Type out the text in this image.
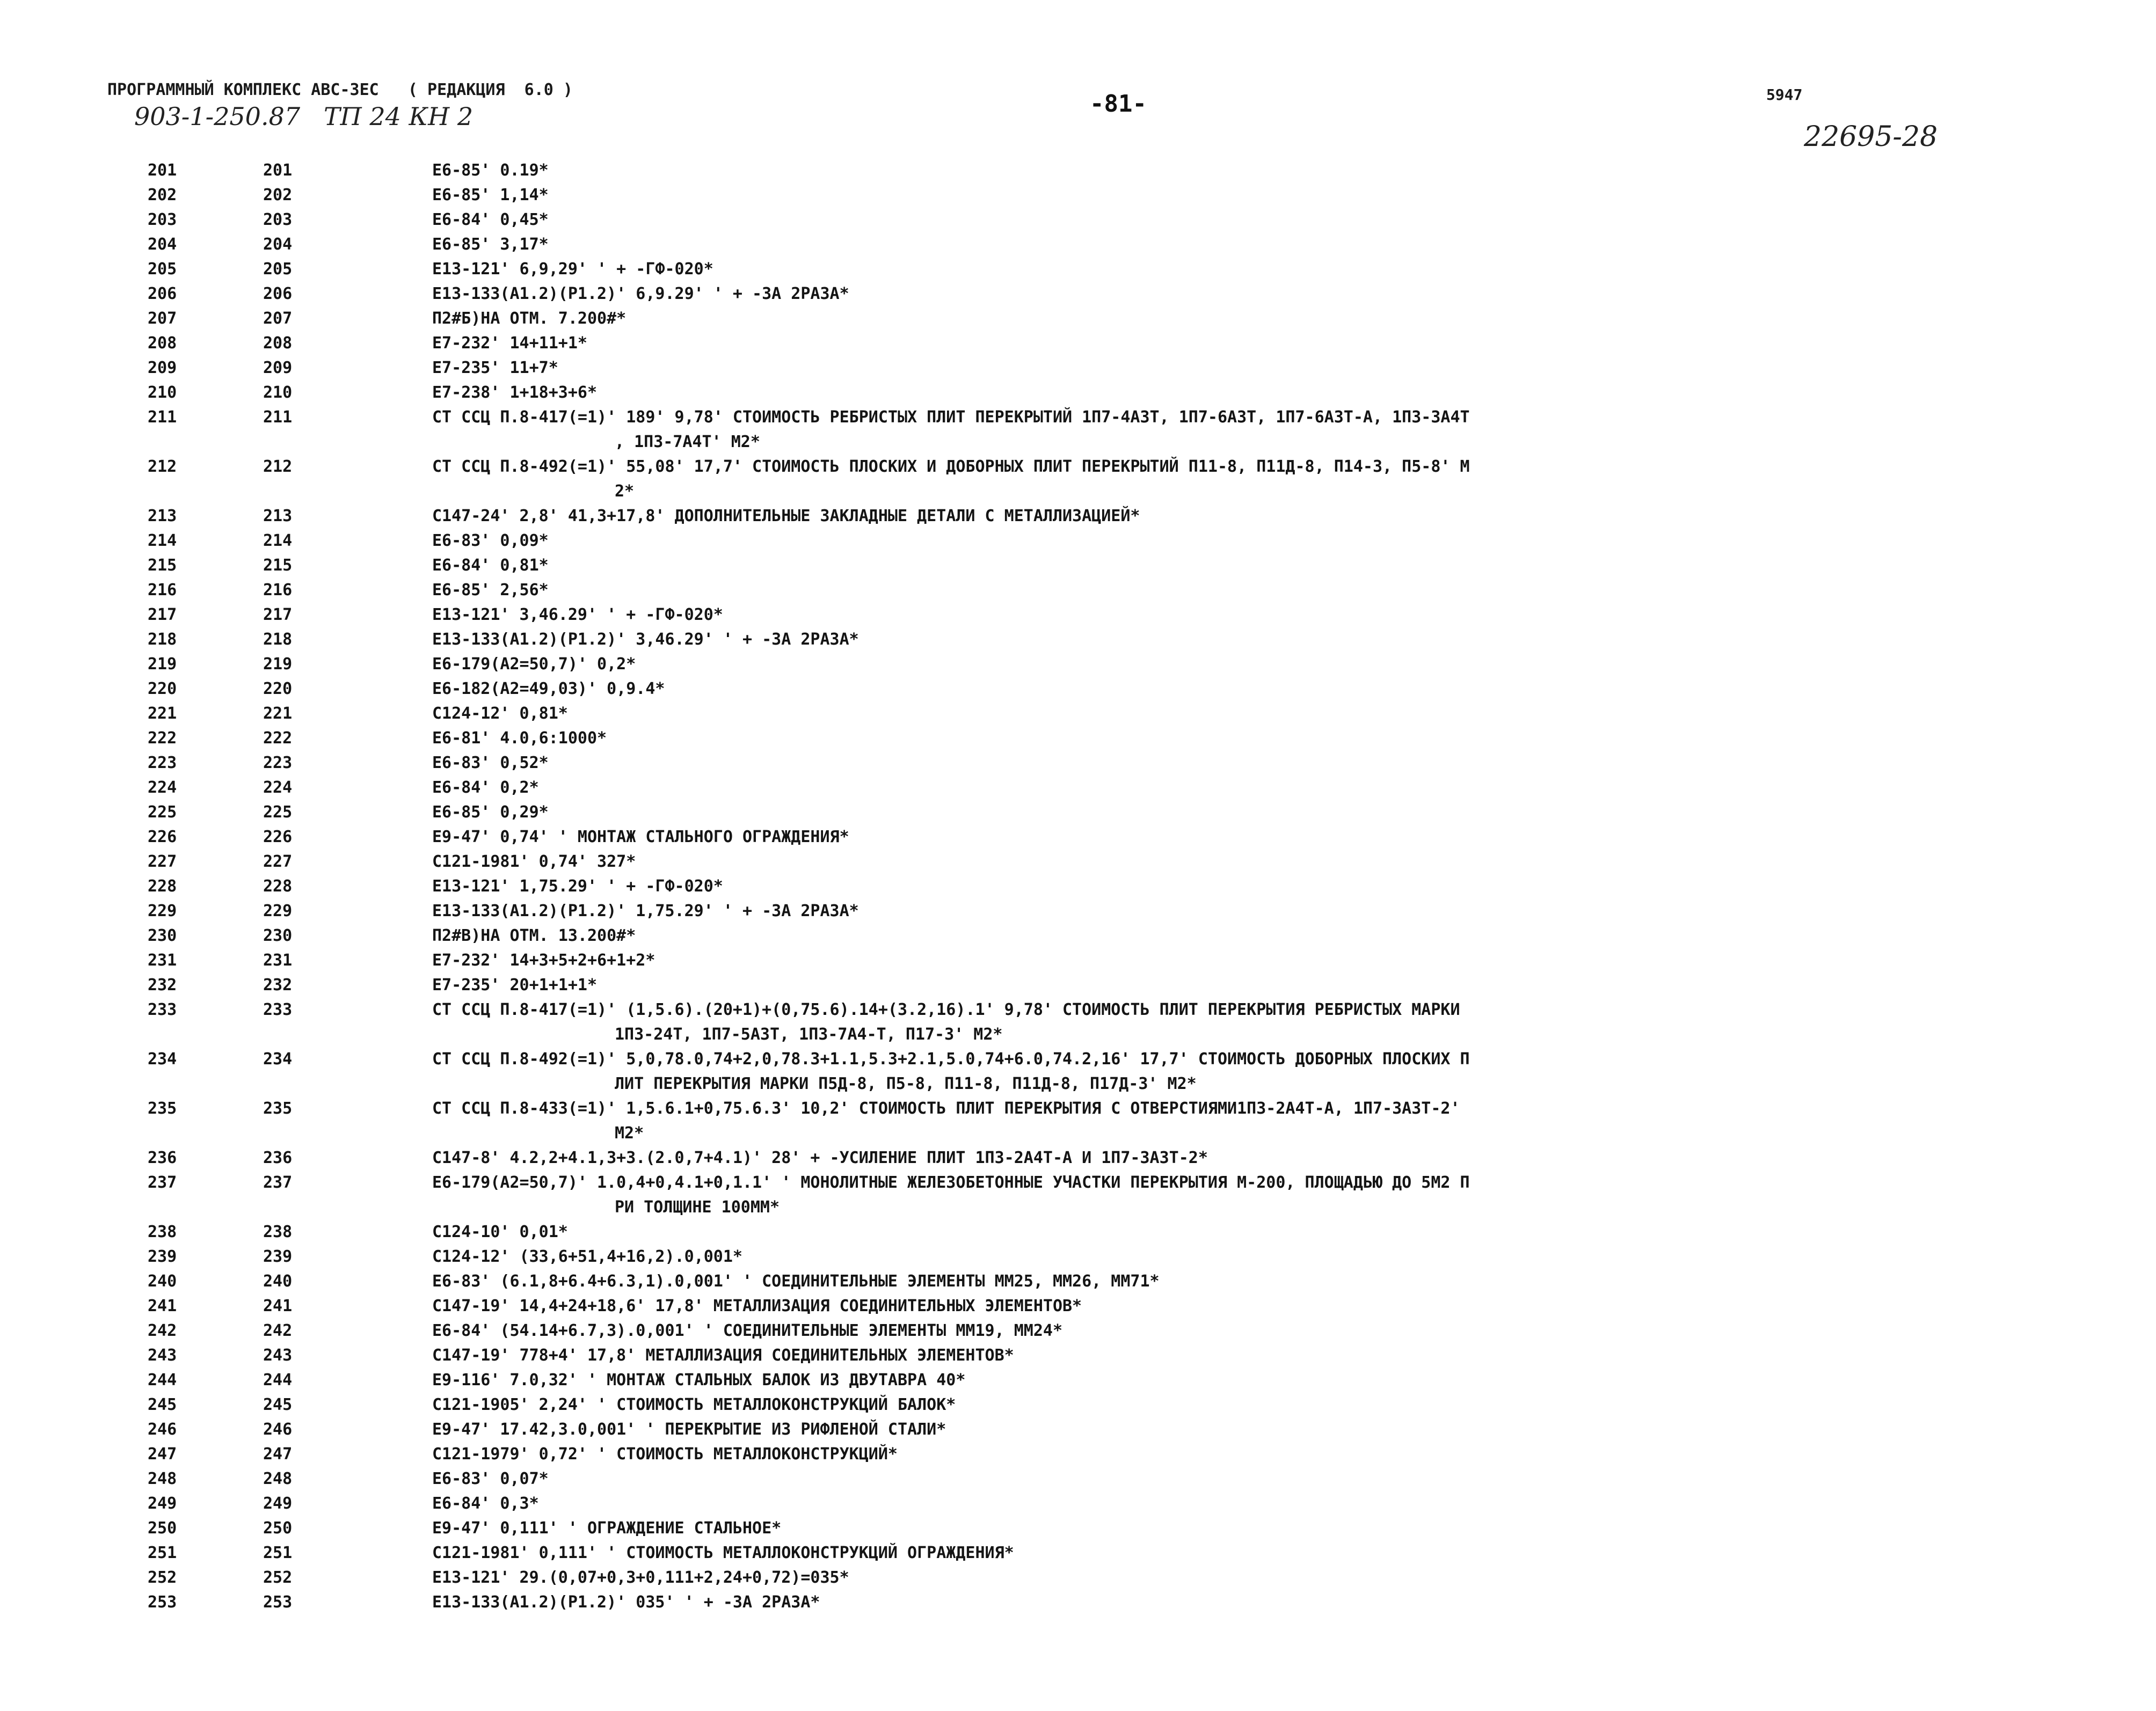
ПРОГРАММНЫЙ КОМПЛЕКС АВС-3ЕС   ( РЕДАКЦИЯ  6.0 )
903-1-250.87   ТП 24 КН 2	-81-	5947
22695-28
201	201	Е6-85' 0.19*
202	202	Е6-85' 1,14*
203	203	Е6-84' 0,45*
204	204	Е6-85' 3,17*
205	205	Е13-121' 6,9,29' ' + -ГФ-020*
206	206	Е13-133(А1.2)(Р1.2)' 6,9.29' ' + -3А 2РАЗА*
207	207	П2#Б)НА ОТМ. 7.200#*
208	208	Е7-232' 14+11+1*
209	209	Е7-235' 11+7*
210	210	Е7-238' 1+18+3+6*
211	211	СТ ССЦ П.8-417(=1)' 189' 9,78' СТОИМОСТЬ РЕБРИСТЫХ ПЛИТ ПЕРЕКРЫТИЙ 1П7-4А3Т, 1П7-6А3Т, 1П7-6А3Т-А, 1П3-3А4Т

, 1П3-7А4Т' М2*
212	212	СТ ССЦ П.8-492(=1)' 55,08' 17,7' СТОИМОСТЬ ПЛОСКИХ И ДОБОРНЫХ ПЛИТ ПЕРЕКРЫТИЙ П11-8, П11Д-8, П14-3, П5-8' М

2*
213	213	С147-24' 2,8' 41,3+17,8' ДОПОЛНИТЕЛЬНЫЕ ЗАКЛАДНЫЕ ДЕТАЛИ С МЕТАЛЛИЗАЦИЕЙ*
214	214	Е6-83' 0,09*
215	215	Е6-84' 0,81*
216	216	Е6-85' 2,56*
217	217	Е13-121' 3,46.29' ' + -ГФ-020*
218	218	Е13-133(А1.2)(Р1.2)' 3,46.29' ' + -3А 2РАЗА*
219	219	Е6-179(А2=50,7)' 0,2*
220	220	Е6-182(А2=49,03)' 0,9.4*
221	221	С124-12' 0,81*
222	222	Е6-81' 4.0,6:1000*
223	223	Е6-83' 0,52*
224	224	Е6-84' 0,2*
225	225	Е6-85' 0,29*
226	226	Е9-47' 0,74' ' МОНТАЖ СТАЛЬНОГО ОГРАЖДЕНИЯ*
227	227	С121-1981' 0,74' 327*
228	228	Е13-121' 1,75.29' ' + -ГФ-020*
229	229	Е13-133(А1.2)(Р1.2)' 1,75.29' ' + -3А 2РАЗА*
230	230	П2#В)НА ОТМ. 13.200#*
231	231	Е7-232' 14+3+5+2+6+1+2*
232	232	Е7-235' 20+1+1+1*
233	233	СТ ССЦ П.8-417(=1)' (1,5.6).(20+1)+(0,75.6).14+(3.2,16).1' 9,78' СТОИМОСТЬ ПЛИТ ПЕРЕКРЫТИЯ РЕБРИСТЫХ МАРКИ

1П3-24Т, 1П7-5А3Т, 1П3-7А4-Т, П17-3' М2*
234	234	СТ ССЦ П.8-492(=1)' 5,0,78.0,74+2,0,78.3+1.1,5.3+2.1,5.0,74+6.0,74.2,16' 17,7' СТОИМОСТЬ ДОБОРНЫХ ПЛОСКИХ П

ЛИТ ПЕРЕКРЫТИЯ МАРКИ П5Д-8, П5-8, П11-8, П11Д-8, П17Д-3' М2*
235	235	СТ ССЦ П.8-433(=1)' 1,5.6.1+0,75.6.3' 10,2' СТОИМОСТЬ ПЛИТ ПЕРЕКРЫТИЯ С ОТВЕРСТИЯМИ1П3-2А4Т-А, 1П7-3А3Т-2'

М2*
236	236	С147-8' 4.2,2+4.1,3+3.(2.0,7+4.1)' 28' + -УСИЛЕНИЕ ПЛИТ 1П3-2А4Т-А И 1П7-3А3Т-2*
237	237	Е6-179(А2=50,7)' 1.0,4+0,4.1+0,1.1' ' МОНОЛИТНЫЕ ЖЕЛЕЗОБЕТОННЫЕ УЧАСТКИ ПЕРЕКРЫТИЯ М-200, ПЛОЩАДЬЮ ДО 5М2 П

РИ ТОЛЩИНЕ 100ММ*
238	238	С124-10' 0,01*
239	239	С124-12' (33,6+51,4+16,2).0,001*
240	240	Е6-83' (6.1,8+6.4+6.3,1).0,001' ' СОЕДИНИТЕЛЬНЫЕ ЭЛЕМЕНТЫ ММ25, ММ26, ММ71*
241	241	С147-19' 14,4+24+18,6' 17,8' МЕТАЛЛИЗАЦИЯ СОЕДИНИТЕЛЬНЫХ ЭЛЕМЕНТОВ*
242	242	Е6-84' (54.14+6.7,3).0,001' ' СОЕДИНИТЕЛЬНЫЕ ЭЛЕМЕНТЫ ММ19, ММ24*
243	243	С147-19' 778+4' 17,8' МЕТАЛЛИЗАЦИЯ СОЕДИНИТЕЛЬНЫХ ЭЛЕМЕНТОВ*
244	244	Е9-116' 7.0,32' ' МОНТАЖ СТАЛЬНЫХ БАЛОК ИЗ ДВУТАВРА 40*
245	245	С121-1905' 2,24' ' СТОИМОСТЬ МЕТАЛЛОКОНСТРУКЦИЙ БАЛОК*
246	246	Е9-47' 17.42,3.0,001' ' ПЕРЕКРЫТИЕ ИЗ РИФЛЕНОЙ СТАЛИ*
247	247	С121-1979' 0,72' ' СТОИМОСТЬ МЕТАЛЛОКОНСТРУКЦИЙ*
248	248	Е6-83' 0,07*
249	249	Е6-84' 0,3*
250	250	Е9-47' 0,111' ' ОГРАЖДЕНИЕ СТАЛЬНОЕ*
251	251	С121-1981' 0,111' ' СТОИМОСТЬ МЕТАЛЛОКОНСТРУКЦИЙ ОГРАЖДЕНИЯ*
252	252	Е13-121' 29.(0,07+0,3+0,111+2,24+0,72)=035*
253	253	Е13-133(А1.2)(Р1.2)' 035' ' + -3А 2РАЗА*
